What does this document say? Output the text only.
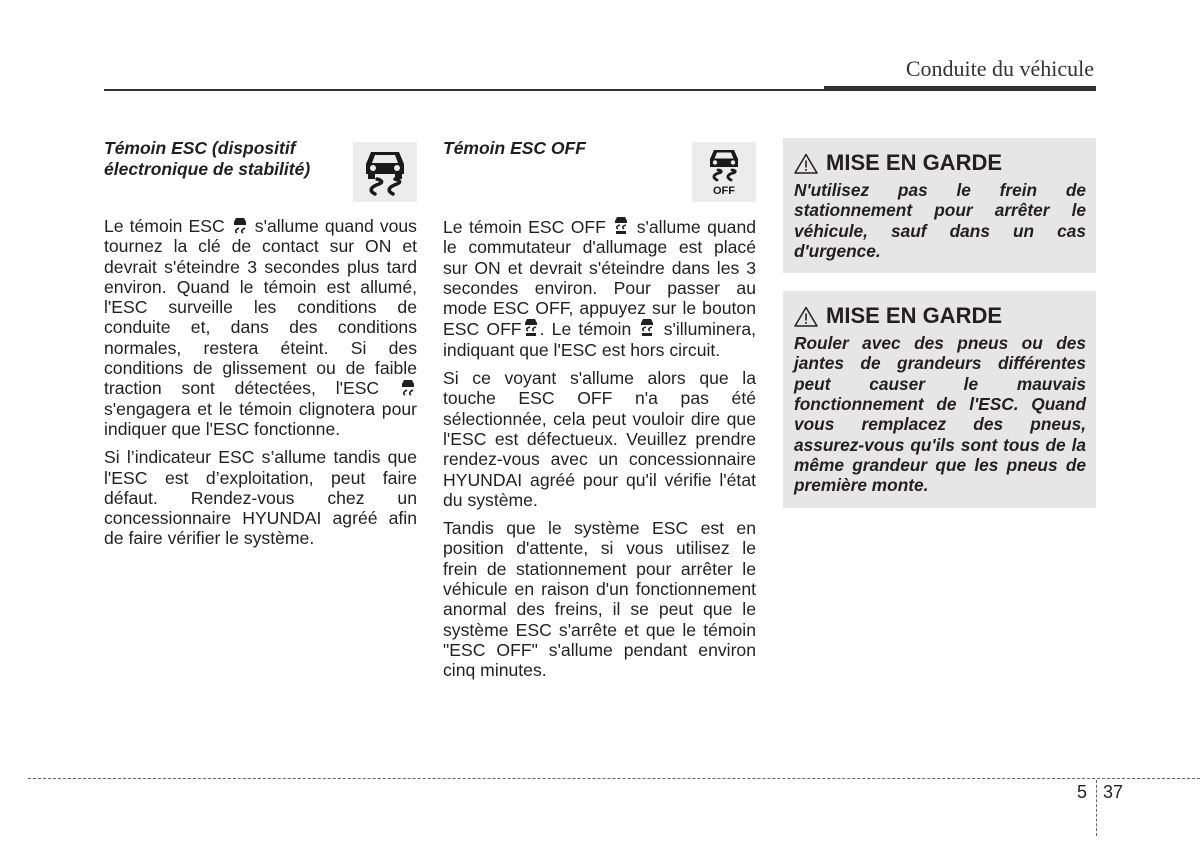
Conduite du véhicule

Témoin ESC (dispositif électronique de stabilité)

Le témoin ESC s'allume quand vous tournez la clé de contact sur ON et devrait s'éteindre 3 secondes plus tard environ. Quand le témoin est allumé, l'ESC surveille les conditions de conduite et, dans des conditions normales, restera éteint. Si des conditions de glissement ou de faible traction sont détectées, l'ESC  s'engagera et le témoin clignotera pour indiquer que l'ESC fonctionne.

Si l’indicateur ESC s’allume tandis que l'ESC est d’exploitation, peut faire défaut. Rendez-vous chez un concessionnaire HYUNDAI agréé afin de faire vérifier le système.

Témoin ESC OFF

OFF

Le témoin ESC OFF s'allume quand le commutateur d'allumage est placé sur ON et devrait s'éteindre dans les 3 secondes environ. Pour passer au mode ESC OFF, appuyez sur le bouton ESC OFF . Le témoin s'illuminera, indiquant que l'ESC est hors circuit.

Si ce voyant s'allume alors que la touche ESC OFF n'a pas été sélectionnée, cela peut vouloir dire que l'ESC est défectueux. Veuillez prendre rendez-vous avec un concessionnaire HYUNDAI agréé pour qu'il vérifie l'état du système.

Tandis que le système ESC est en position d'attente, si vous utilisez le frein de stationnement pour arrêter le véhicule en raison d'un fonctionnement anormal des freins, il se peut que le système ESC s'arrête et que le témoin "ESC OFF" s'allume pendant environ cinq minutes.

MISE EN GARDE
N'utilisez pas le frein de stationnement pour arrêter le véhicule, sauf dans un cas d'urgence.
MISE EN GARDE
Rouler avec des pneus ou des jantes de grandeurs différentes peut causer le mauvais fonctionnement de l'ESC. Quand vous remplacez des pneus, assurez-vous qu'ils sont tous de la même grandeur que les pneus de première monte.
5 37
